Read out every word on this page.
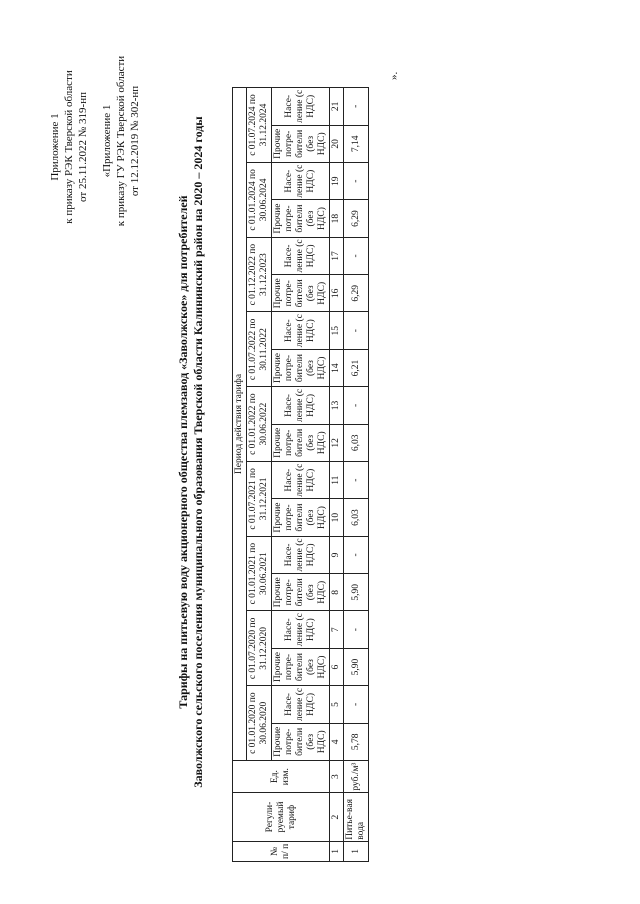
Приложение 1 к приказу РЭК Тверской области от 25.11.2022 № 319-нп «Приложение 1 к приказу ГУ РЭК Тверской области от 12.12.2019 № 302-нп
Тарифы на питьевую воду акционерного общества племзавод «Заволжское» для потребителей Заволжского сельского поселения муниципального образования Тверской области Калининский район на 2020 – 2024 годы
№ п/ п	Регули-руемый тариф	Ед. изм.	Период действия тарифа																	
			с 01.01.2020 по 30.06.2020		с 01.07.2020 по 31.12.2020		с 01.01.2021 по 30.06.2021		с 01.07.2021 по 31.12.2021		с 01.01.2022 по 30.06.2022		с 01.07.2022 по 30.11.2022		с 01.12.2022 по 31.12.2023		с 01.01.2024 по 30.06.2024		с 01.07.2024 по 31.12.2024	
			Прочие потре-бители (без НДС)	Насе-ление (с НДС)	Прочие потре-бители (без НДС)	Насе-ление (с НДС)	Прочие потре-бители (без НДС)	Насе-ление (с НДС)	Прочие потре-бители (без НДС)	Насе-ление (с НДС)	Прочие потре-бители (без НДС)	Насе-ление (с НДС)	Прочие потре-бители (без НДС)	Насе-ление (с НДС)	Прочие потре-бители (без НДС)	Насе-ление (с НДС)	Прочие потре-бители (без НДС)	Насе-ление (с НДС)	Прочие потре-бители (без НДС)	Насе-ление (с НДС)
1	2	3	4	5	6	7	8	9	10	11	12	13	14	15	16	17	18	19	20	21
1	Питье-вая вода	руб./м³	5,78	-	5,90	-	5,90	-	6,03	-	6,03	-	6,21	-	6,29	-	6,29	-	7,14	-
».
